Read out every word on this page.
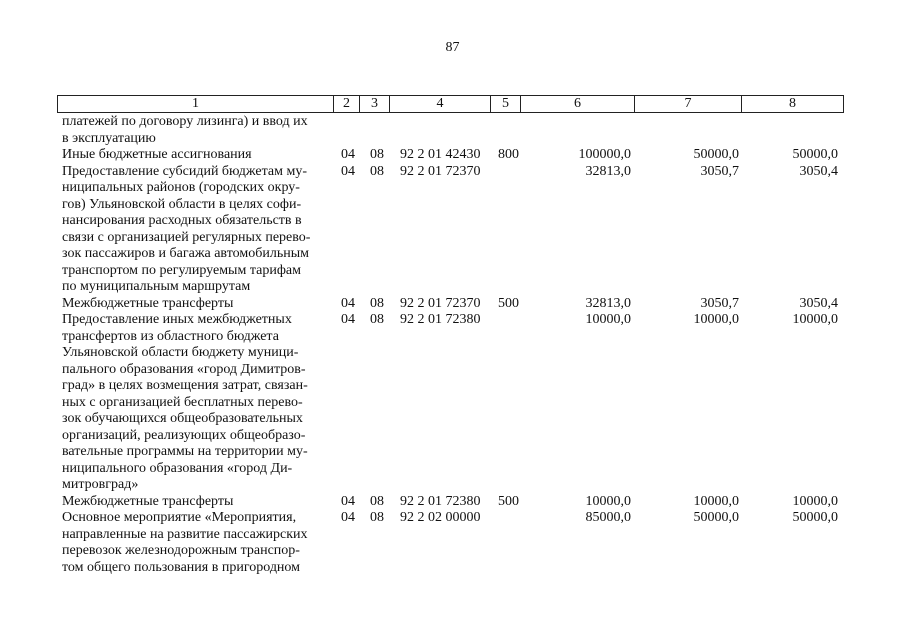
87
1	2	3	4	5	6	7	8
платежей по договору лизинга) и ввод их
в эксплуатацию
Иные бюджетные ассигнования	04 08 92 2 01 42430 800	100000,0	50000,0	50000,0
Предоставление субсидий бюджетам му-
ниципальных районов (городских окру-
гов) Ульяновской области в целях софи-
нансирования расходных обязательств в
связи с организацией регулярных перево-
зок пассажиров и багажа автомобильным
транспортом по регулируемым тарифам
по муниципальным маршрутам
04 08 92 2 01 72370	32813,0	3050,7	3050,4
Межбюджетные трансферты	04 08 92 2 01 72370 500	32813,0	3050,7	3050,4
Предоставление иных межбюджетных
трансфертов из областного бюджета
Ульяновской области бюджету муници-
пального образования «город Димитров-
град» в целях возмещения затрат, связан-
ных с организацией бесплатных перево-
зок обучающихся общеобразовательных
организаций, реализующих общеобразо-
вательные программы на территории му-
ниципального образования «город Ди-
митровград»
04 08 92 2 01 72380	10000,0	10000,0	10000,0
Межбюджетные трансферты	04 08 92 2 01 72380 500	10000,0	10000,0	10000,0
Основное мероприятие «Мероприятия,
направленные на развитие пассажирских
перевозок железнодорожным транспор-
том общего пользования в пригородном
04 08 92 2 02 00000	85000,0	50000,0	50000,0
